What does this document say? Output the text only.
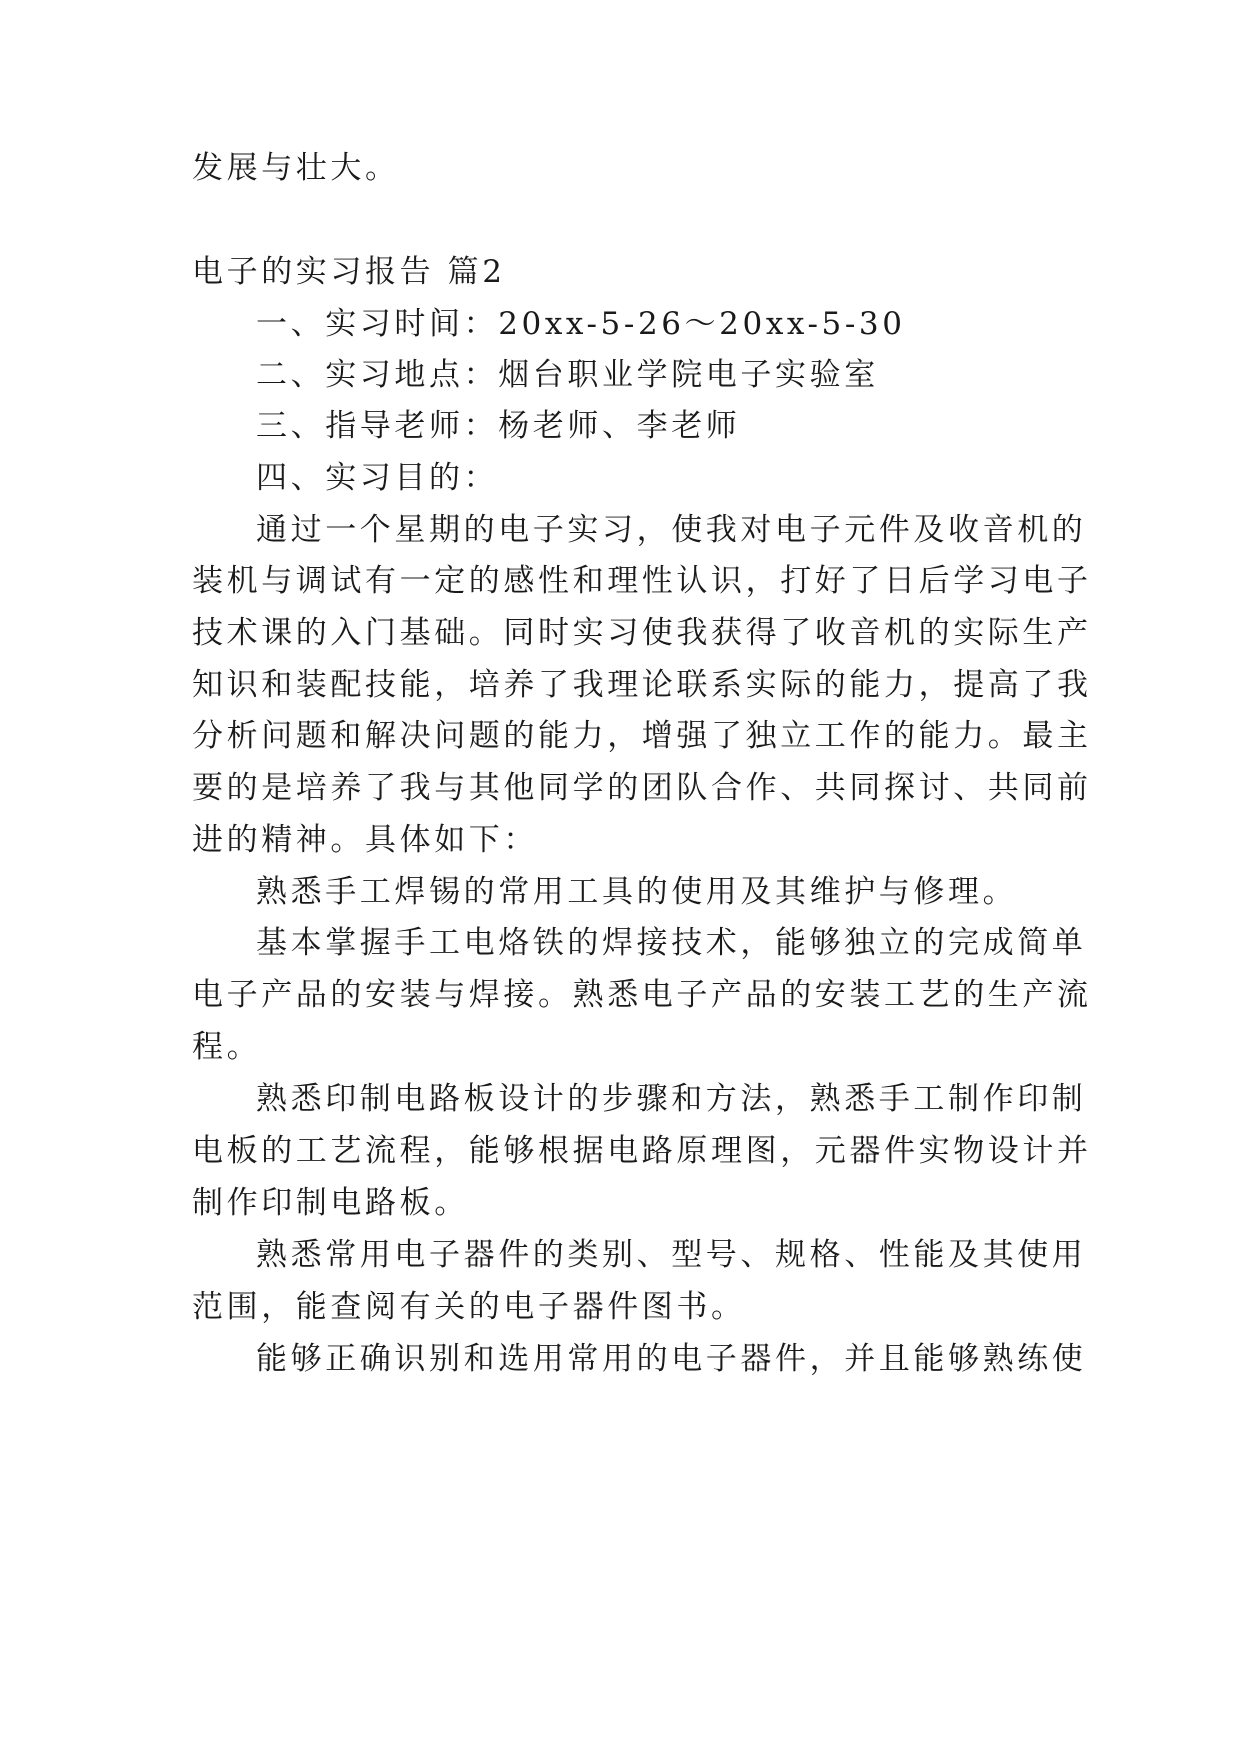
发展与壮大。
电子的实习报告 篇2
一、实习时间：20xx-5-26～20xx-5-30
二、实习地点：烟台职业学院电子实验室
三、指导老师：杨老师、李老师
四、实习目的：
通过一个星期的电子实习，使我对电子元件及收音机的
装机与调试有一定的感性和理性认识，打好了日后学习电子
技术课的入门基础。同时实习使我获得了收音机的实际生产
知识和装配技能，培养了我理论联系实际的能力，提高了我
分析问题和解决问题的能力，增强了独立工作的能力。最主
要的是培养了我与其他同学的团队合作、共同探讨、共同前
进的精神。具体如下：
熟悉手工焊锡的常用工具的使用及其维护与修理。
基本掌握手工电烙铁的焊接技术，能够独立的完成简单
电子产品的安装与焊接。熟悉电子产品的安装工艺的生产流
程。
熟悉印制电路板设计的步骤和方法，熟悉手工制作印制
电板的工艺流程，能够根据电路原理图，元器件实物设计并
制作印制电路板。
熟悉常用电子器件的类别、型号、规格、性能及其使用
范围，能查阅有关的电子器件图书。
能够正确识别和选用常用的电子器件，并且能够熟练使
